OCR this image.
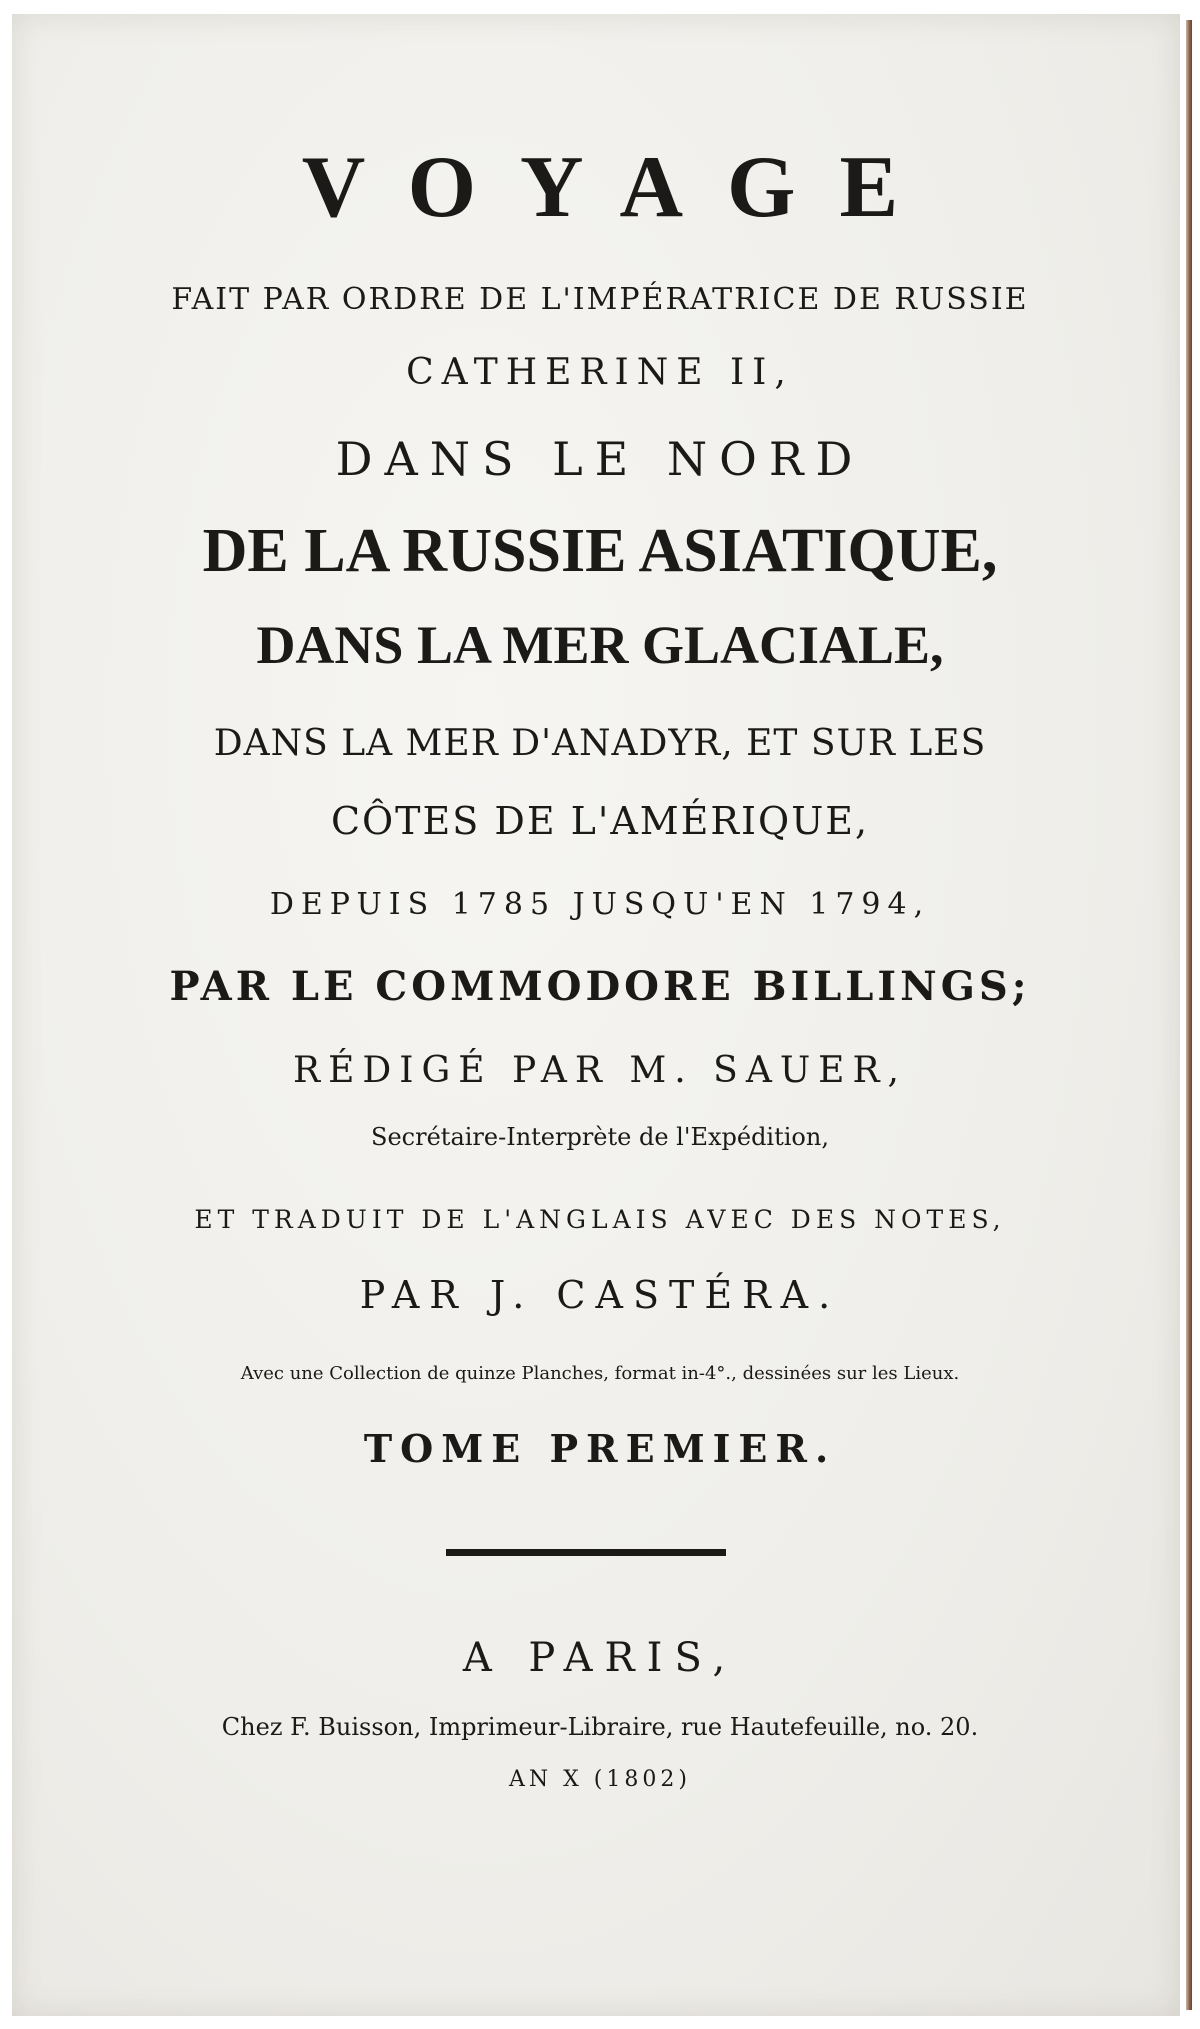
VOYAGE

FAIT PAR ORDRE DE L'IMPÉRATRICE DE RUSSIE

CATHERINE II,

DANS LE NORD

DE LA RUSSIE ASIATIQUE,

DANS LA MER GLACIALE,

DANS LA MER D'ANADYR, ET SUR LES

CÔTES DE L'AMÉRIQUE,

DEPUIS 1785 JUSQU'EN 1794,

PAR LE COMMODORE BILLINGS;

RÉDIGÉ PAR M. SAUER,

Secrétaire-Interprète de l'Expédition,

ET TRADUIT DE L'ANGLAIS AVEC DES NOTES,

PAR J. CASTÉRA.

Avec une Collection de quinze Planches, format in-4°., dessinées sur les Lieux.

TOME PREMIER.

A PARIS,

Chez F. Buisson, Imprimeur-Libraire, rue Hautefeuille, no. 20.

AN X (1802)
